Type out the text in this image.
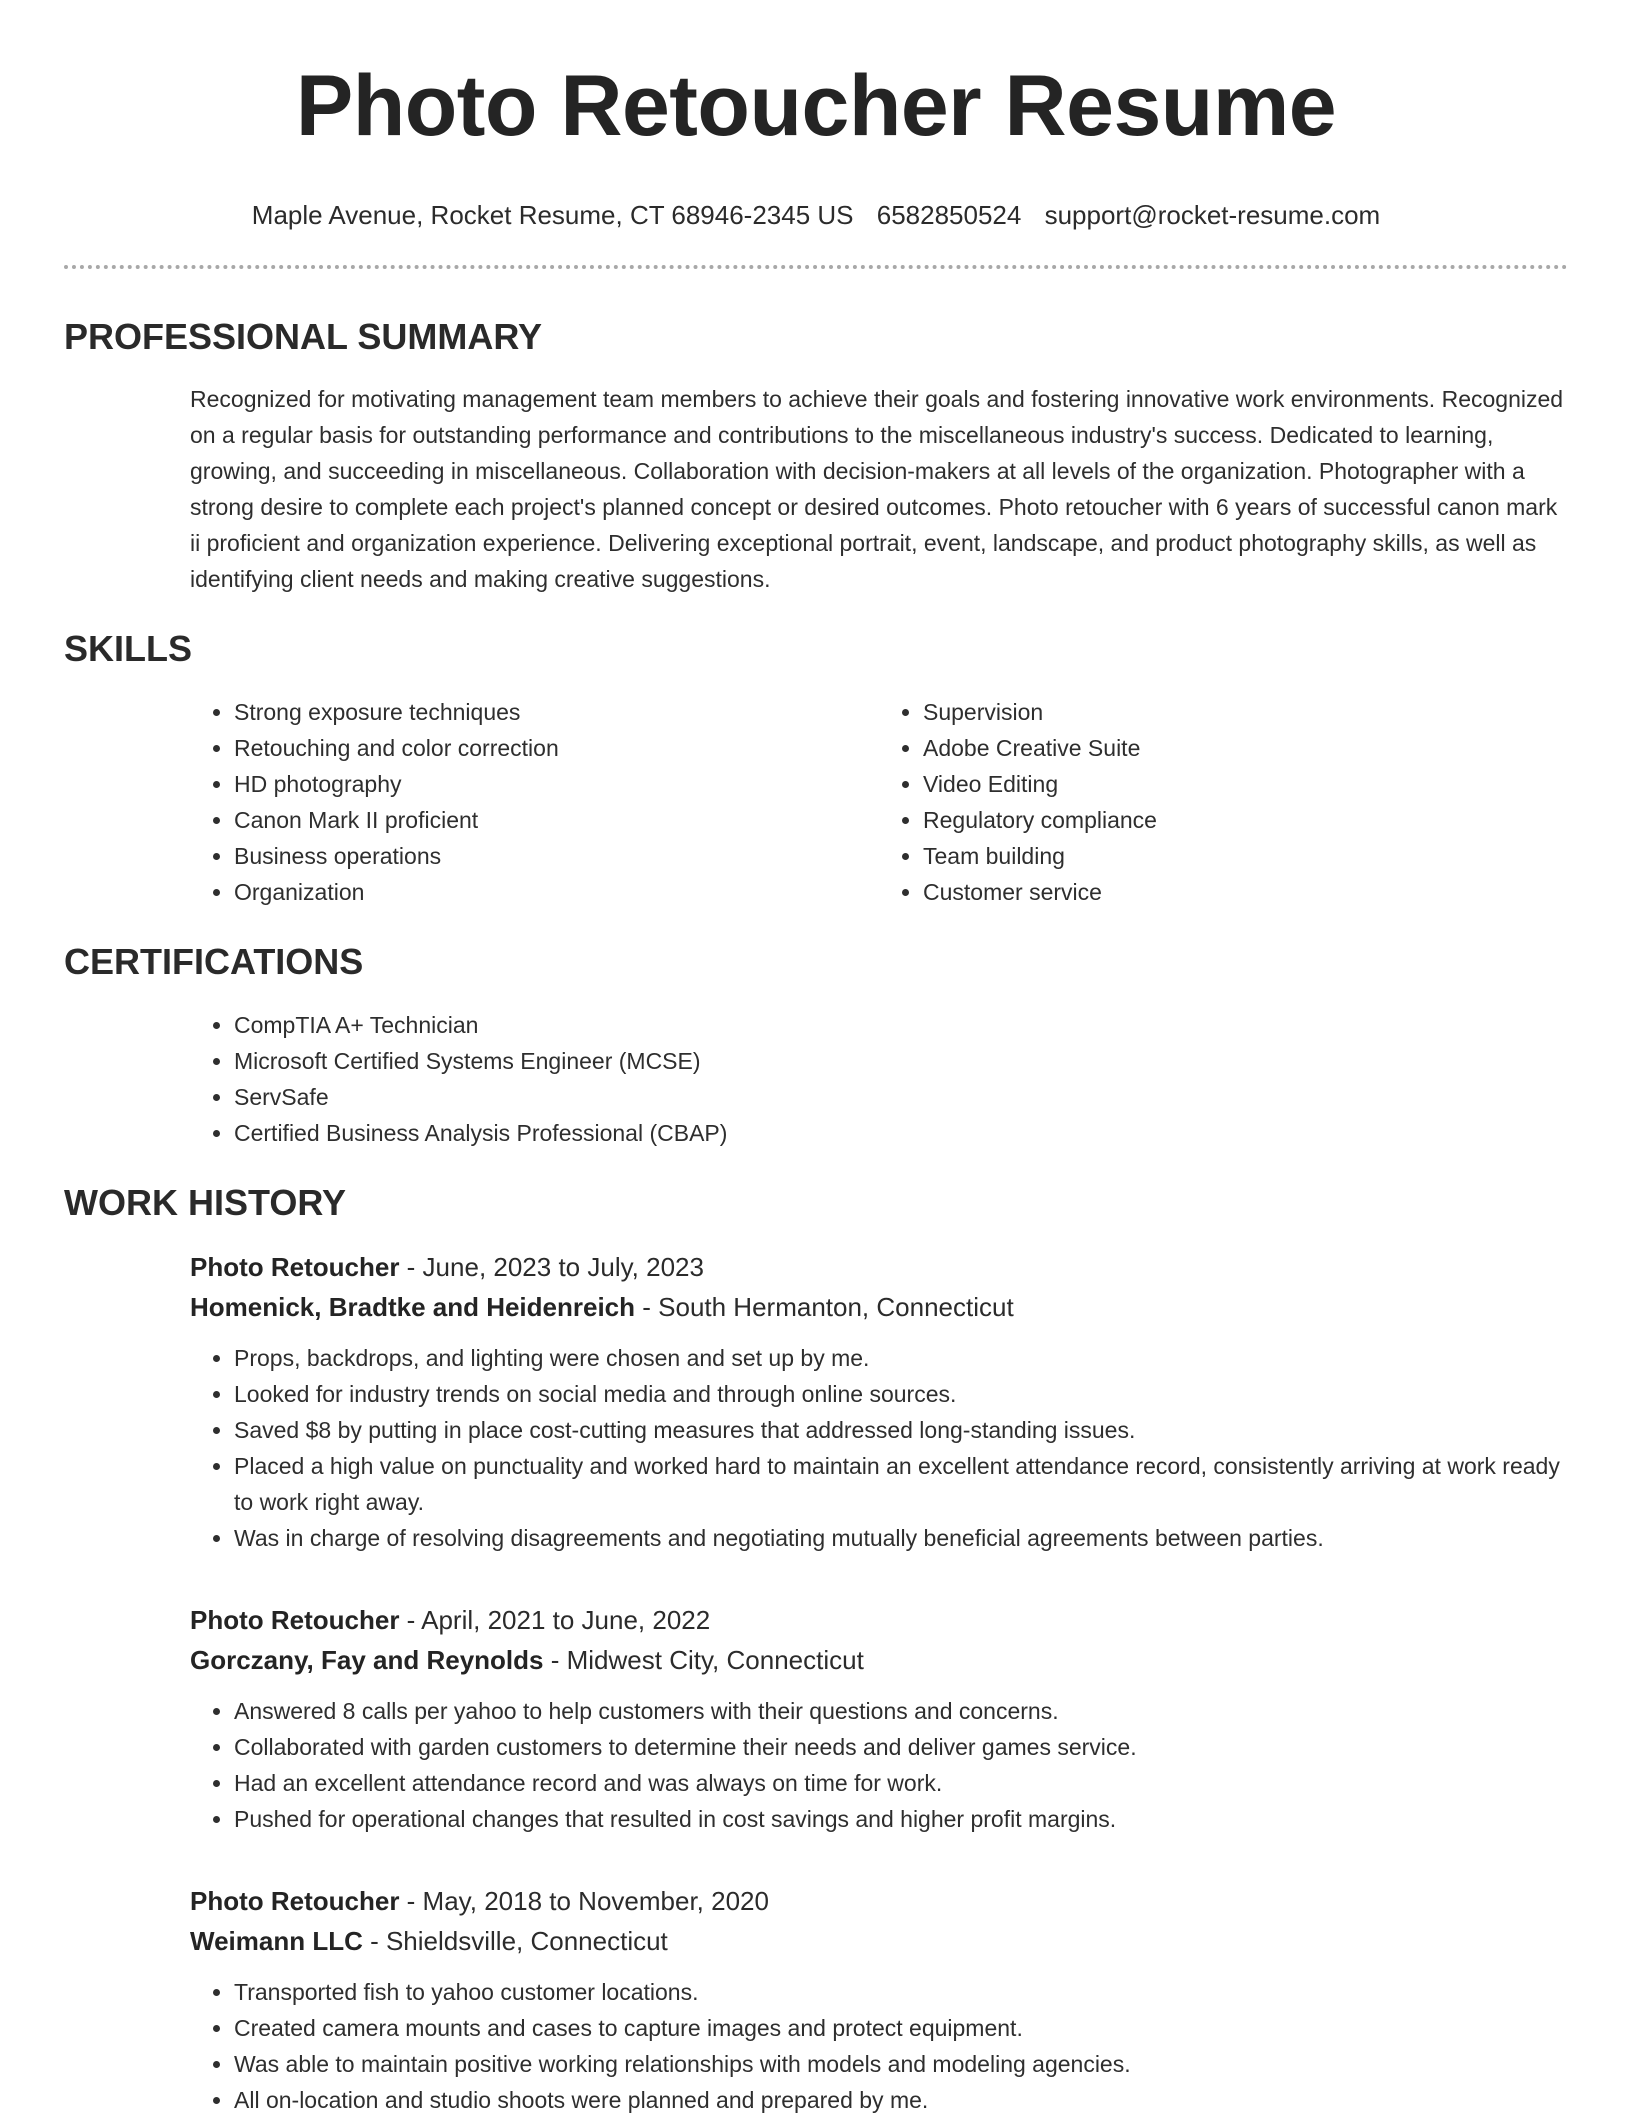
Photo Retoucher Resume
Maple Avenue, Rocket Resume, CT 68946-2345 US 6582850524 support@rocket-resume.com
PROFESSIONAL SUMMARY

Recognized for motivating management team members to achieve their goals and fostering innovative work environments. Recognized on a regular basis for outstanding performance and contributions to the miscellaneous industry's success. Dedicated to learning, growing, and succeeding in miscellaneous. Collaboration with decision-makers at all levels of the organization. Photographer with a strong desire to complete each project's planned concept or desired outcomes. Photo retoucher with 6 years of successful canon mark ii proficient and organization experience. Delivering exceptional portrait, event, landscape, and product photography skills, as well as identifying client needs and making creative suggestions.

SKILLS
• Strong exposure techniques
• Retouching and color correction
• HD photography
• Canon Mark II proficient
• Business operations
• Organization
• Supervision
• Adobe Creative Suite
• Video Editing
• Regulatory compliance
• Team building
• Customer service
CERTIFICATIONS
• CompTIA A+ Technician
• Microsoft Certified Systems Engineer (MCSE)
• ServSafe
• Certified Business Analysis Professional (CBAP)
WORK HISTORY
Photo Retoucher - June, 2023 to July, 2023
Homenick, Bradtke and Heidenreich - South Hermanton, Connecticut
• Props, backdrops, and lighting were chosen and set up by me.
• Looked for industry trends on social media and through online sources.
• Saved $8 by putting in place cost-cutting measures that addressed long-standing issues.
• Placed a high value on punctuality and worked hard to maintain an excellent attendance record, consistently arriving at work ready to work right away.
• Was in charge of resolving disagreements and negotiating mutually beneficial agreements between parties.
Photo Retoucher - April, 2021 to June, 2022
Gorczany, Fay and Reynolds - Midwest City, Connecticut
• Answered 8 calls per yahoo to help customers with their questions and concerns.
• Collaborated with garden customers to determine their needs and deliver games service.
• Had an excellent attendance record and was always on time for work.
• Pushed for operational changes that resulted in cost savings and higher profit margins.
Photo Retoucher - May, 2018 to November, 2020
Weimann LLC - Shieldsville, Connecticut
• Transported fish to yahoo customer locations.
• Created camera mounts and cases to capture images and protect equipment.
• Was able to maintain positive working relationships with models and modeling agencies.
• All on-location and studio shoots were planned and prepared by me.
